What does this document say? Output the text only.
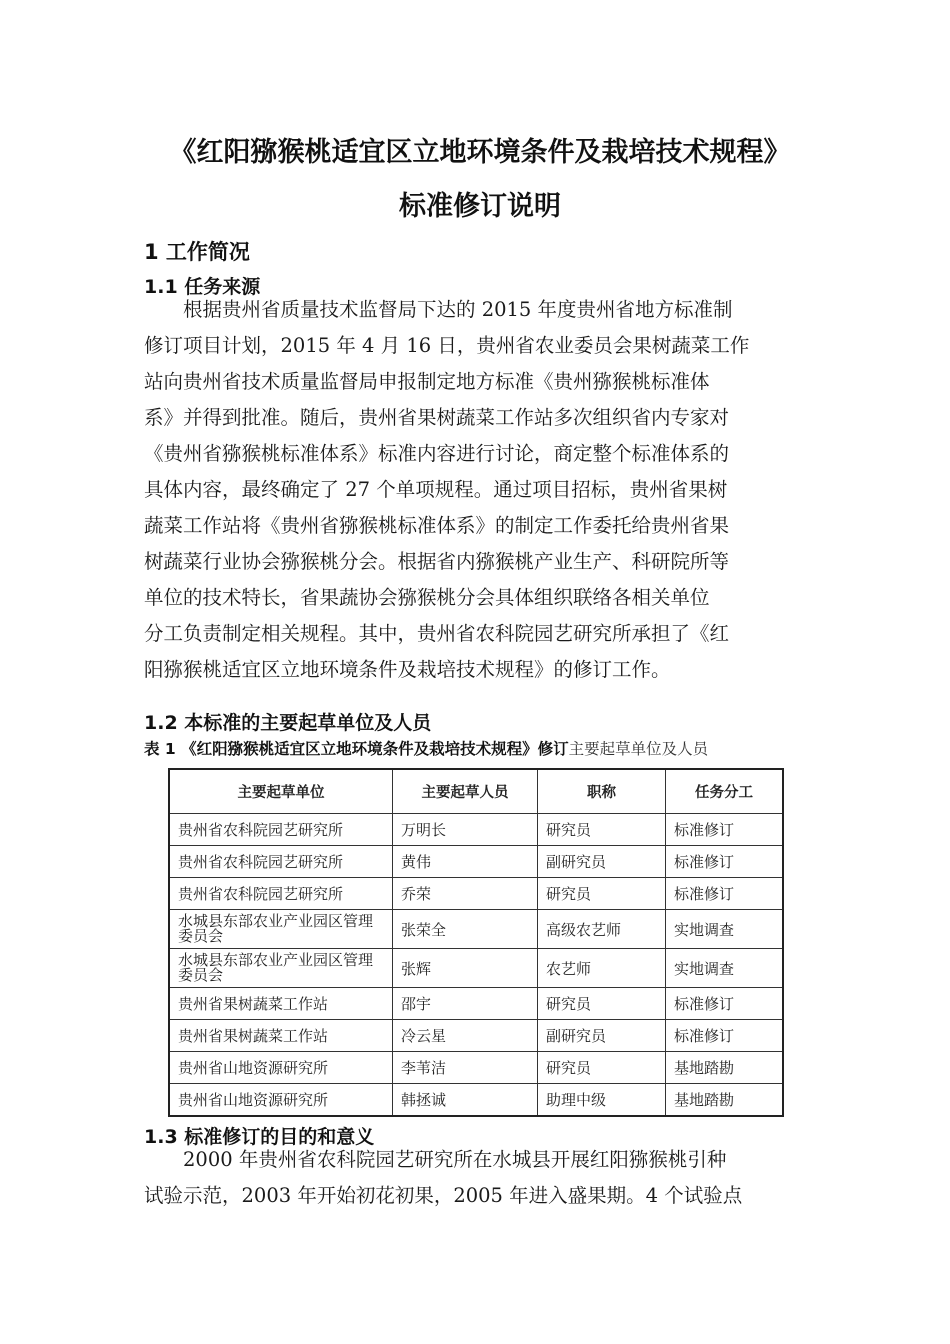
《红阳猕猴桃适宜区立地环境条件及栽培技术规程》
标准修订说明
1 工作简况
1.1 任务来源
　　根据贵州省质量技术监督局下达的 2015 年度贵州省地方标准制
修订项目计划，2015 年 4 月 16 日，贵州省农业委员会果树蔬菜工作
站向贵州省技术质量监督局申报制定地方标准《贵州猕猴桃标准体
系》并得到批准。随后，贵州省果树蔬菜工作站多次组织省内专家对
《贵州省猕猴桃标准体系》标准内容进行讨论，商定整个标准体系的
具体内容，最终确定了 27 个单项规程。通过项目招标，贵州省果树
蔬菜工作站将《贵州省猕猴桃标准体系》的制定工作委托给贵州省果
树蔬菜行业协会猕猴桃分会。根据省内猕猴桃产业生产、科研院所等
单位的技术特长，省果蔬协会猕猴桃分会具体组织联络各相关单位
分工负责制定相关规程。其中，贵州省农科院园艺研究所承担了《红
阳猕猴桃适宜区立地环境条件及栽培技术规程》的修订工作。
1.2 本标准的主要起草单位及人员
表 1 《红阳猕猴桃适宜区立地环境条件及栽培技术规程》修订主要起草单位及人员
主要起草单位	主要起草人员	职称	任务分工
贵州省农科院园艺研究所	万明长	研究员	标准修订
贵州省农科院园艺研究所	黄伟	副研究员	标准修订
贵州省农科院园艺研究所	乔荣	研究员	标准修订
水城县东部农业产业园区管理委员会	张荣全	高级农艺师	实地调查
水城县东部农业产业园区管理委员会	张辉	农艺师	实地调查
贵州省果树蔬菜工作站	邵宇	研究员	标准修订
贵州省果树蔬菜工作站	冷云星	副研究员	标准修订
贵州省山地资源研究所	李苇洁	研究员	基地踏勘
贵州省山地资源研究所	韩拯诚	助理中级	基地踏勘
1.3 标准修订的目的和意义
　　2000 年贵州省农科院园艺研究所在水城县开展红阳猕猴桃引种
试验示范，2003 年开始初花初果，2005 年进入盛果期。4 个试验点
